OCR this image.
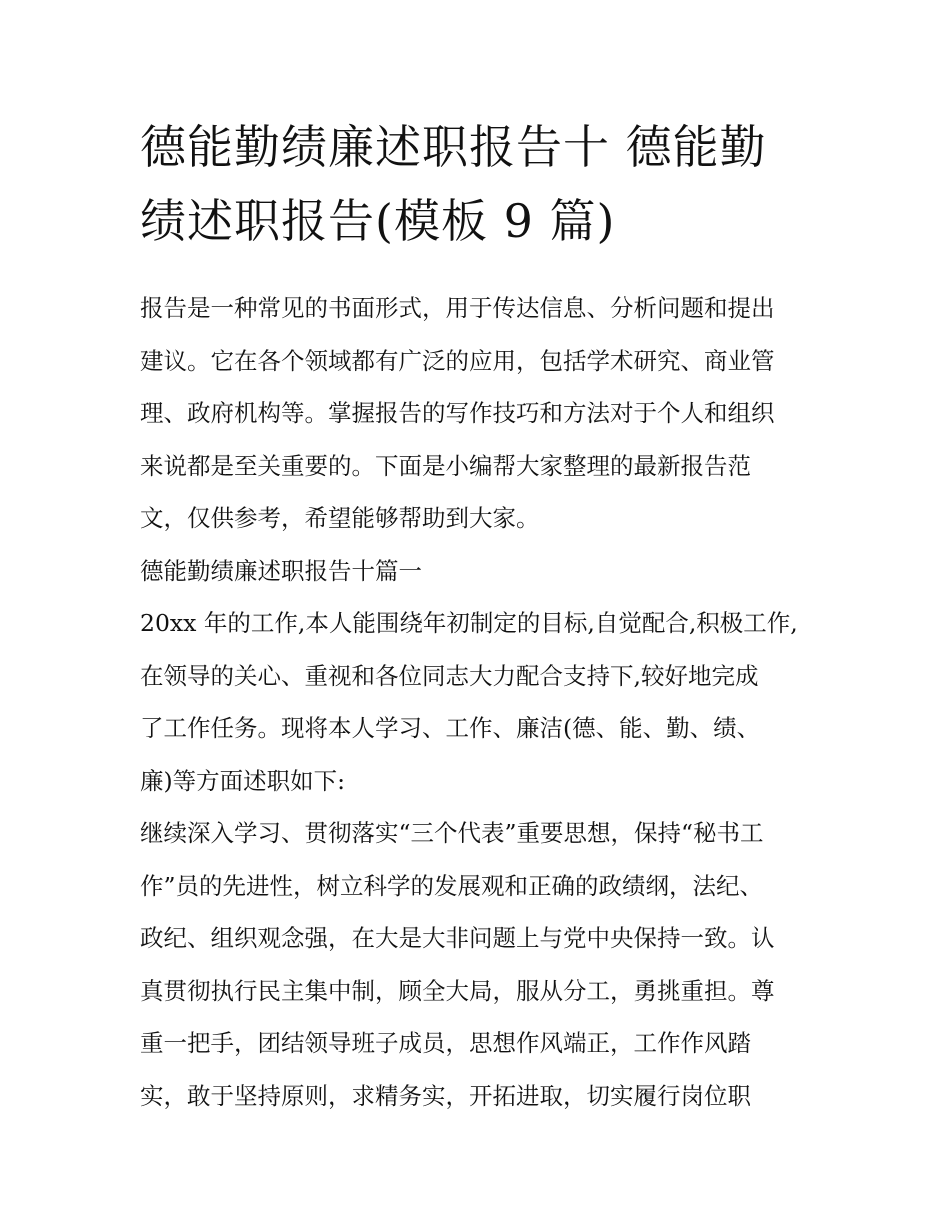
德能勤绩廉述职报告十 德能勤
绩述职报告(模板 9 篇)

报告是一种常见的书面形式，用于传达信息、分析问题和提出
建议。它在各个领域都有广泛的应用，包括学术研究、商业管
理、政府机构等。掌握报告的写作技巧和方法对于个人和组织
来说都是至关重要的。下面是小编帮大家整理的最新报告范
文，仅供参考，希望能够帮助到大家。

德能勤绩廉述职报告十篇一

20xx 年的工作,本人能围绕年初制定的目标,自觉配合,积极工作,
在领导的关心、重视和各位同志大力配合支持下,较好地完成
了工作任务。现将本人学习、工作、廉洁(德、能、勤、绩、
廉)等方面述职如下:

继续深入学习、贯彻落实“三个代表”重要思想，保持“秘书工
作”员的先进性，树立科学的发展观和正确的政绩纲，法纪、
政纪、组织观念强，在大是大非问题上与党中央保持一致。认
真贯彻执行民主集中制，顾全大局，服从分工，勇挑重担。尊
重一把手，团结领导班子成员，思想作风端正，工作作风踏
实，敢于坚持原则，求精务实，开拓进取，切实履行岗位职
